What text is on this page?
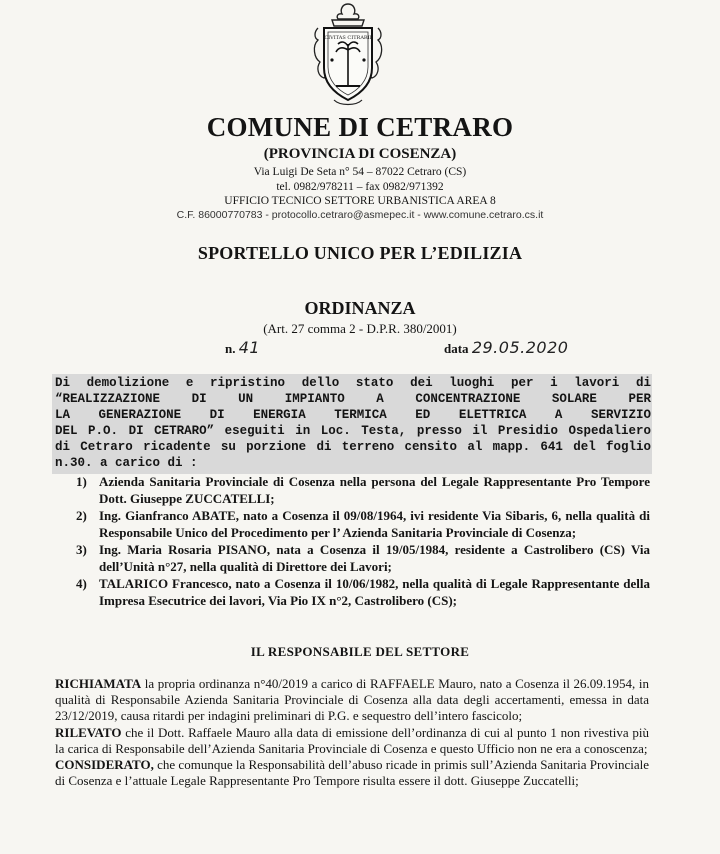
CIVITAS CITRARII
COMUNE DI CETRARO
(PROVINCIA DI COSENZA)
Via Luigi De Seta n° 54 – 87022 Cetraro (CS)
tel. 0982/978211 – fax 0982/971392
UFFICIO TECNICO SETTORE URBANISTICA AREA 8
C.F. 86000770783 - protocollo.cetraro@asmepec.it - www.comune.cetraro.cs.it
SPORTELLO UNICO PER L’EDILIZIA
ORDINANZA
(Art. 27 comma 2 - D.P.R. 380/2001)
n. 41	data 29.05.2020
Di demolizione e ripristino dello stato dei luoghi per i lavori di
“REALIZZAZIONE DI UN IMPIANTO A CONCENTRAZIONE SOLARE PER
LA GENERAZIONE DI ENERGIA TERMICA ED ELETTRICA A SERVIZIO
DEL P.O. DI CETRARO” eseguiti in Loc. Testa, presso il Presidio Ospedaliero
di Cetraro ricadente su porzione di terreno censito al mapp. 641 del foglio
n.30. a carico di :
1) Azienda Sanitaria Provinciale di Cosenza nella persona del Legale Rappresentante Pro Tempore Dott. Giuseppe ZUCCATELLI;
2) Ing. Gianfranco ABATE, nato a Cosenza il 09/08/1964, ivi residente Via Sibaris, 6, nella qualità di Responsabile Unico del Procedimento per l’ Azienda Sanitaria Provinciale di Cosenza;
3) Ing. Maria Rosaria PISANO, nata a Cosenza il 19/05/1984, residente a Castrolibero (CS) Via dell’Unità n°27, nella qualità di Direttore dei Lavori;
4) TALARICO Francesco, nato a Cosenza il 10/06/1982, nella qualità di Legale Rappresentante della Impresa Esecutrice dei lavori, Via Pio IX n°2, Castrolibero (CS);
IL RESPONSABILE DEL SETTORE

RICHIAMATA la propria ordinanza n°40/2019 a carico di RAFFAELE Mauro, nato a Cosenza il 26.09.1954, in qualità di Responsabile Azienda Sanitaria Provinciale di Cosenza alla data degli accertamenti, emessa in data 23/12/2019, causa ritardi per indagini preliminari di P.G. e sequestro dell’intero fascicolo;

RILEVATO che il Dott. Raffaele Mauro alla data di emissione dell’ordinanza di cui al punto 1 non rivestiva più la carica di Responsabile dell’Azienda Sanitaria Provinciale di Cosenza e questo Ufficio non ne era a conoscenza;

CONSIDERATO, che comunque la Responsabilità dell’abuso ricade in primis sull’Azienda Sanitaria Provinciale di Cosenza e l’attuale Legale Rappresentante Pro Tempore risulta essere il dott. Giuseppe Zuccatelli;
